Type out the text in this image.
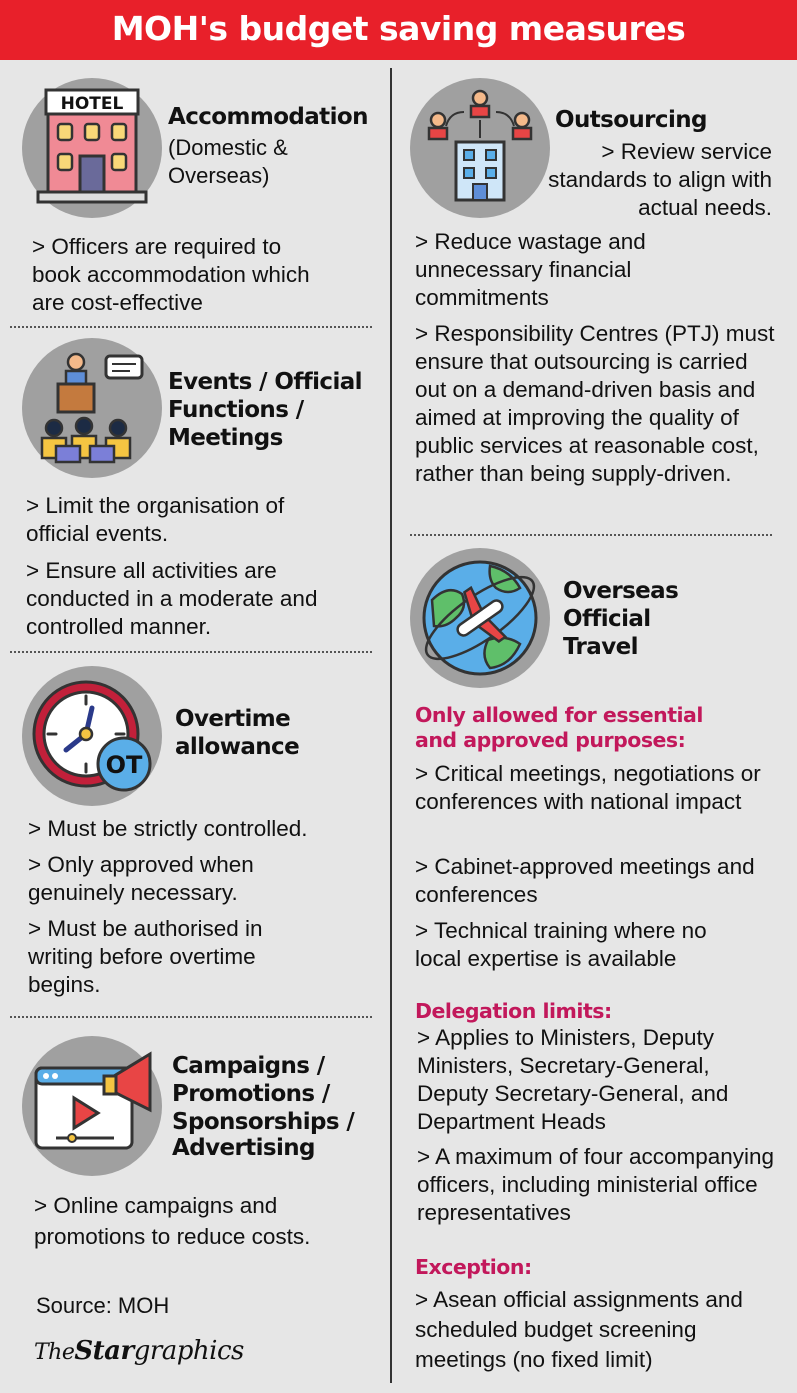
MOH's budget saving measures
HOTEL Accommodation
(Domestic &
Overseas)

> Officers are required to book accommodation which are cost-effective

Events / Official
Functions /
Meetings

> Limit the organisation of official events.

> Ensure all activities are conducted in a moderate and controlled manner.

OT
Overtime
allowance

> Must be strictly controlled.

> Only approved when genuinely necessary.

> Must be authorised in writing before overtime begins.

Campaigns /
Promotions /
Sponsorships /
Advertising

> Online campaigns and promotions to reduce costs.

Source: MOH
TheStargraphics
Outsourcing

> Review service standards to align with actual needs.

> Reduce wastage and unnecessary financial commitments

> Responsibility Centres (PTJ) must ensure that outsourcing is carried out on a demand-driven basis and aimed at improving the quality of public services at reasonable cost, rather than being supply-driven.

Overseas
Official
Travel
Only allowed for essential and approved purposes:

> Critical meetings, negotiations or conferences with national impact

> Cabinet-approved meetings and conferences

> Technical training where no local expertise is available

Delegation limits:

> Applies to Ministers, Deputy Ministers, Secretary-General, Deputy Secretary-General, and Department Heads

> A maximum of four accompanying officers, including ministerial office representatives

Exception:

> Asean official assignments and scheduled budget screening meetings (no fixed limit)
